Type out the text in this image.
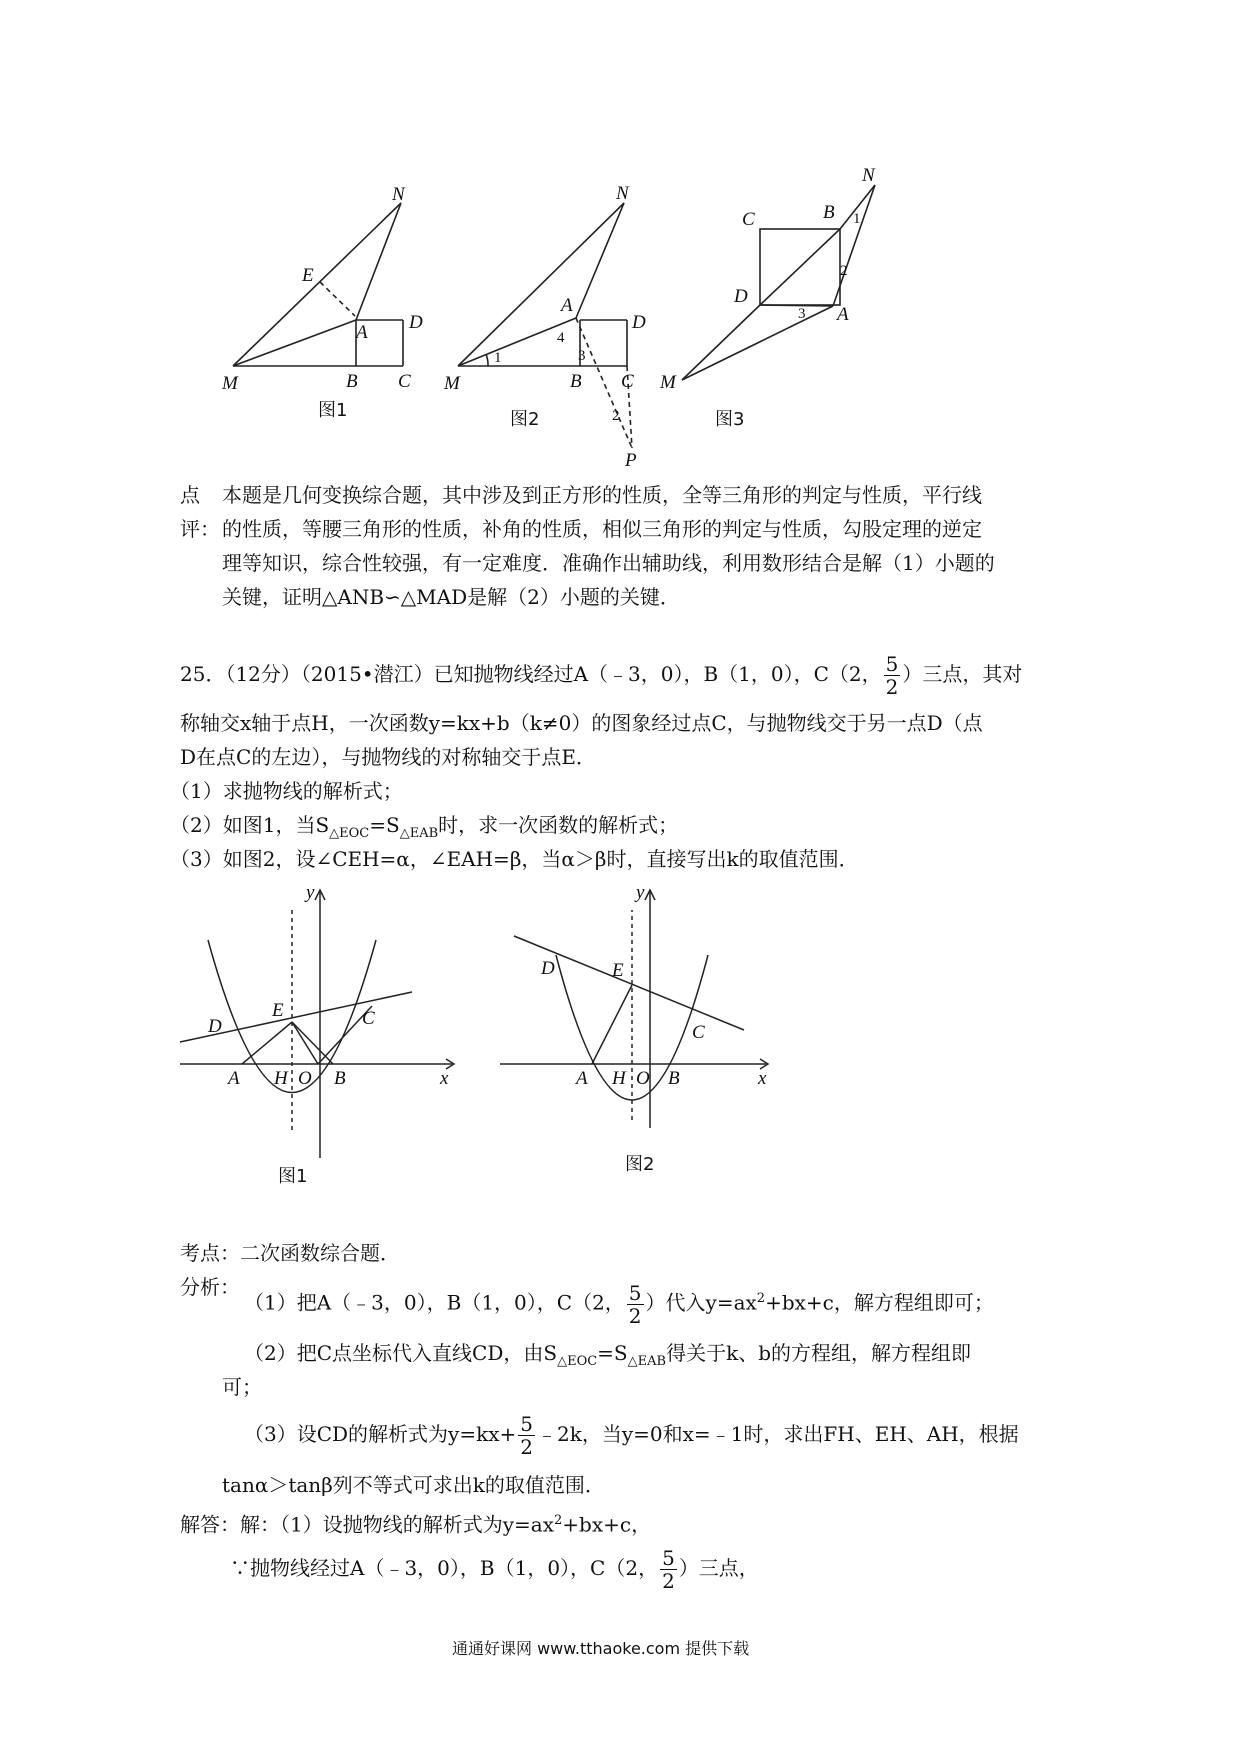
N
E
A D
M	B C
图1
N
A
D
M	B C
P
1
4
3
2
图2
N
C	B
D
A
M
1
2
3
图3
点
评：
本题是几何变换综合题，其中涉及到正方形的性质，全等三角形的判定与性质，平行线
的性质，等腰三角形的性质，补角的性质，相似三角形的判定与性质，勾股定理的逆定
理等知识，综合性较强，有一定难度．准确作出辅助线，利用数形结合是解（1）小题的
关键，证明△ANB∽△MAD是解（2）小题的关键．
25．（12分）（2015•潜江）已知抛物线经过A（﹣3，0），B（1，0），C（2， $\frac{5}{2}$ ）三点，其对
称轴交x轴于点H，一次函数y=kx+b（k≠0）的图象经过点C，与抛物线交于另一点D（点
D在点C的左边），与抛物线的对称轴交于点E．
（1）求抛物线的解析式；
（2）如图1，当$S_{\triangle EOC}=S_{\triangle EAB}$时，求一次函数的解析式；
（3）如图2，设∠CEH=α，∠EAH=β，当α＞β时，直接写出k的取值范围．
y
x
D
E	C
A H O B
图1
y
x
D	E
C
A H O B
图2
考点：二次函数综合题．
分析：
（1）把A（﹣3，0），B（1，0），C（2， $\frac{5}{2}$ ）代入$y=ax^2+bx+c$，解方程组即可；
（2）把C点坐标代入直线CD，由$S_{\triangle EOC}=S_{\triangle EAB}$得关于k、b的方程组，解方程组即
可；
（3）设CD的解析式为$y=kx+ \frac{5}{2}$ ﹣2k，当y=0和x=﹣1时，求出FH、EH、AH，根据
tanα＞tanβ列不等式可求出k的取值范围．
解答：解：（1）设抛物线的解析式为$y=ax^2+bx+c$，
∵抛物线经过A（﹣3，0），B（1，0），C（2， $\frac{5}{2}$ ）三点，
通通好课网 www.tthaoke.com 提供下载
